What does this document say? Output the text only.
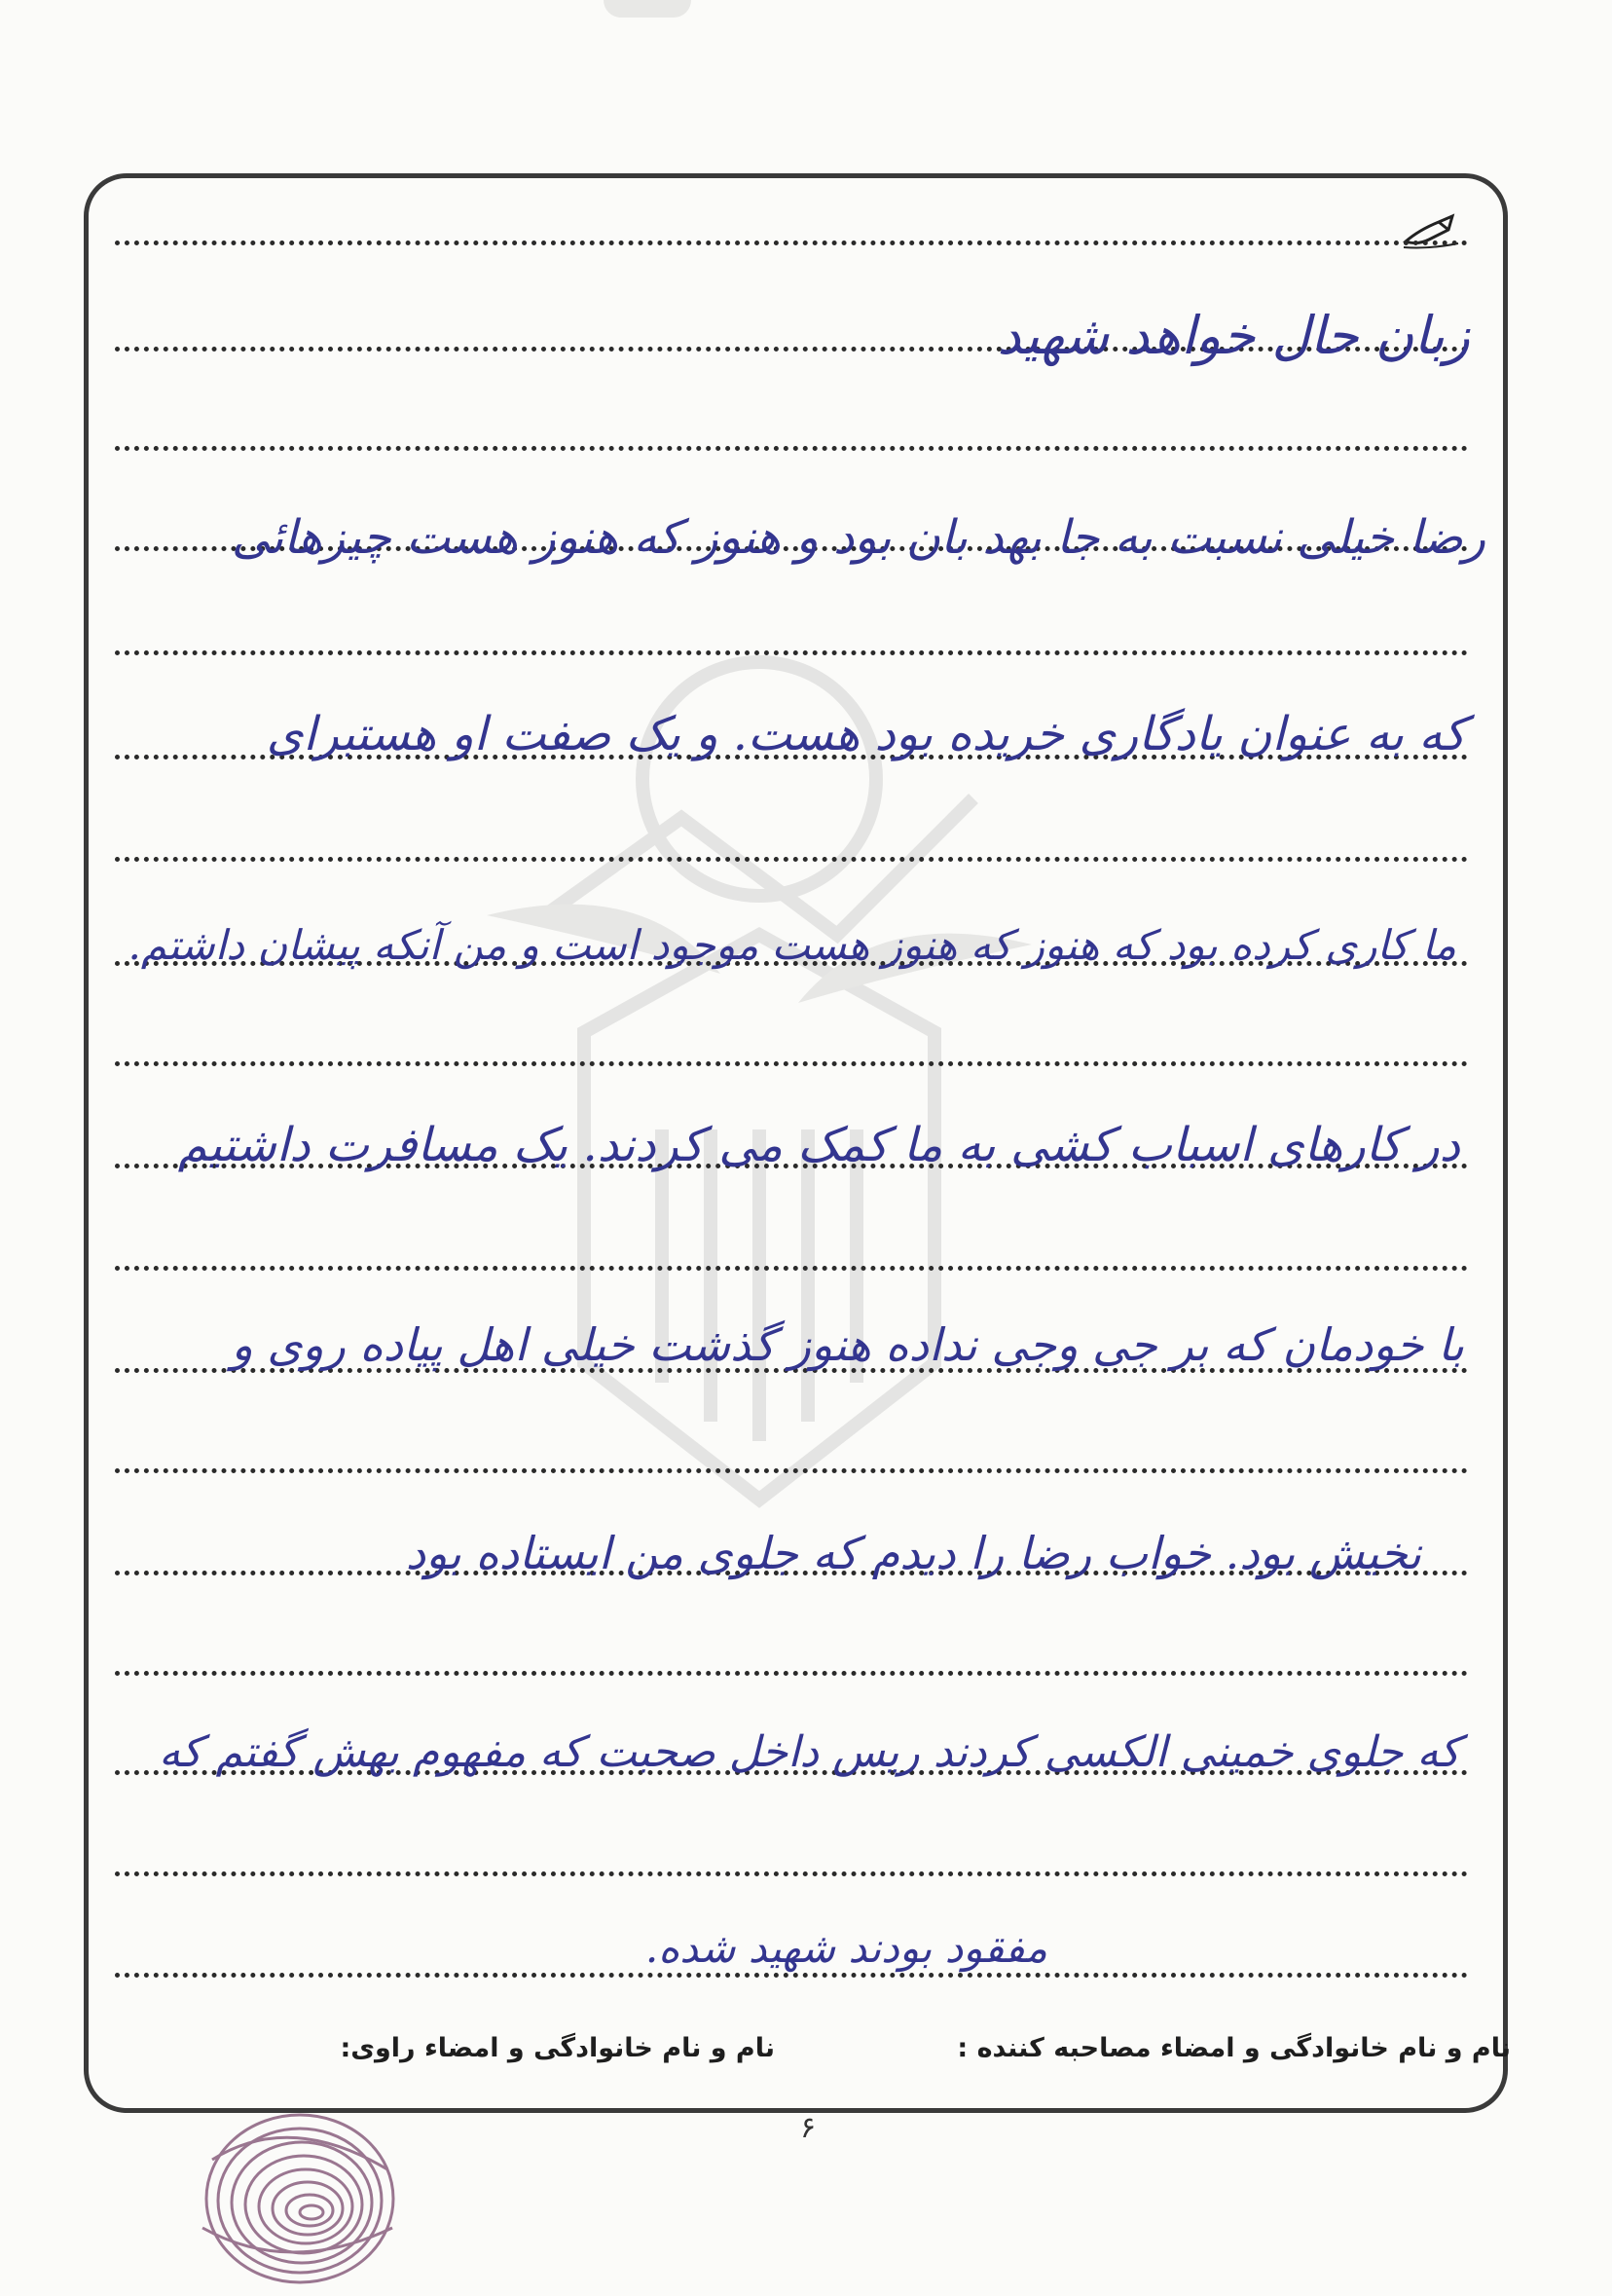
زبان حال خواهد شهید
رضا خیلی نسبت به جا بهد بان بود و هنوز که هنوز هست چیزهائی
که به عنوان یادگاری خریده بود هست. و یک صفت او هستبرای
ما کاری کرده بود که هنوز که هنوز هست موجود است و من آنکه پیشان داشتم.
در کارهای اسباب کشی به ما کمک می کردند. یک مسافرت داشتیم
با خودمان که بر جی وجی نداده هنوز گذشت خیلی اهل پیاده روی و
نخیش بود. خواب رضا را دیدم که جلوی من ایستاده بود
که جلوی خمینی الکسی کردند ریس داخل صحبت که مفهوم بهش گفتم که
مفقود بودند شهید شده.
نام و نام خانوادگی و امضاء مصاحبه کننده :
نام و نام خانوادگی و امضاء راوی:
۶
